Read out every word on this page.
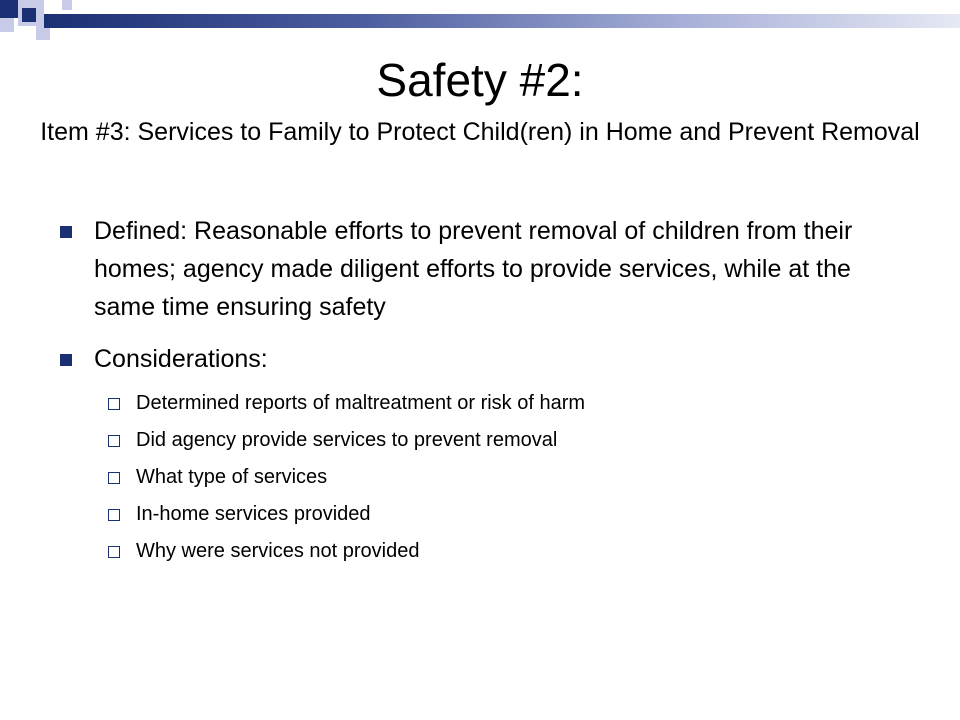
Safety #2:
Item #3: Services to Family to Protect Child(ren) in Home and Prevent Removal
Defined: Reasonable efforts to prevent removal of children from their homes; agency made diligent efforts to provide services, while at the same time ensuring safety
Considerations:
Determined reports of maltreatment or risk of harm
Did agency provide services to prevent removal
What type of services
In-home services provided
Why were services not provided
